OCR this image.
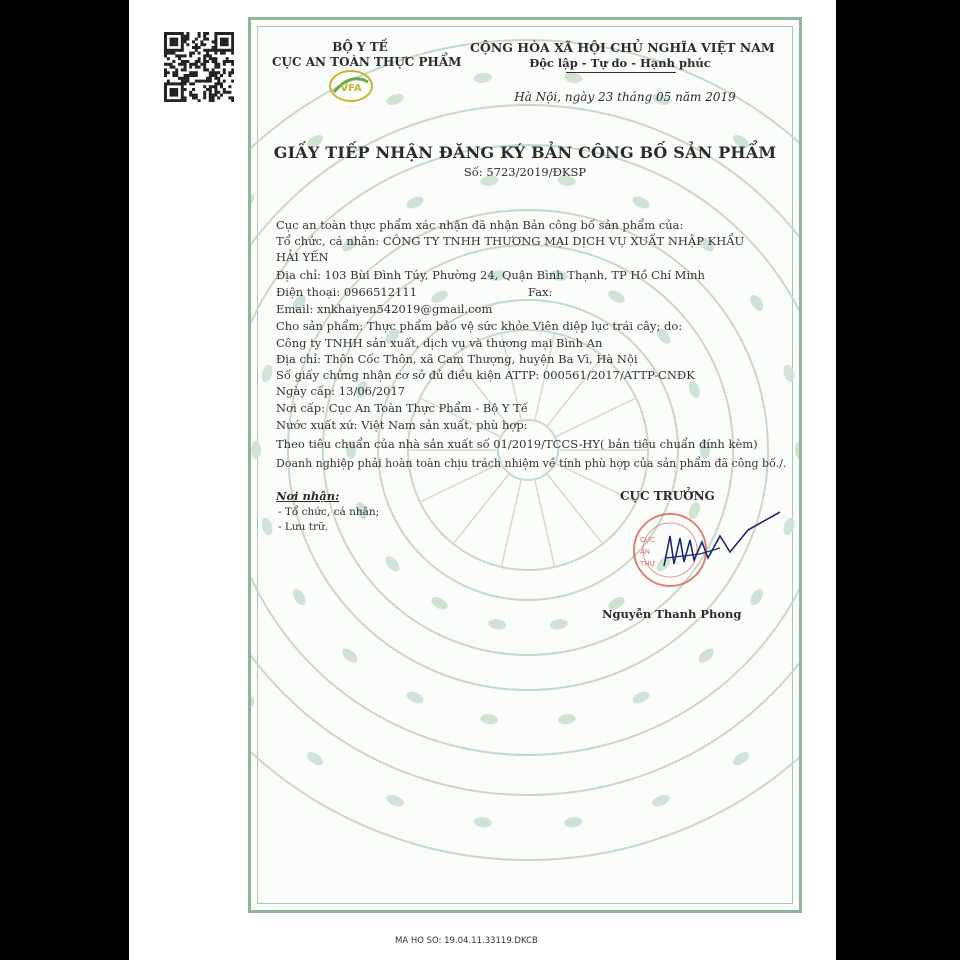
BỘ Y TẾ

CỤC AN TOÀN THỰC PHẨM

VFA

CỘNG HÒA XÃ HỘI CHỦ NGHĨA VIỆT NAM

Độc lập - Tự do - Hạnh phúc

Hà Nội, ngày 23 tháng 05 năm 2019

GIẤY TIẾP NHẬN ĐĂNG KÝ BẢN CÔNG BỐ SẢN PHẨM

Số: 5723/2019/ĐKSP

Cục an toàn thực phẩm xác nhận đã nhận Bản công bố sản phẩm của:

Tổ chức, cá nhân: CÔNG TY TNHH THƯƠNG MẠI DỊCH VỤ XUẤT NHẬP KHẨU

HẢI YẾN

Địa chỉ: 103 Bùi Đình Túy, Phường 24, Quận Bình Thạnh, TP Hồ Chí Minh

Điện thoại: 0966512111	Fax:

Email: xnkhaiyen542019@gmail.com

Cho sản phẩm: Thực phẩm bảo vệ sức khỏe Viên diệp lục trái cây; do:

Công ty TNHH sản xuất, dịch vụ và thương mại Bình An

Địa chỉ: Thôn Cốc Thôn, xã Cam Thượng, huyện Ba Vì, Hà Nội

Số giấy chứng nhận cơ sở đủ điều kiện ATTP: 000561/2017/ATTP-CNĐK

Ngày cấp: 13/06/2017

Nơi cấp: Cục An Toàn Thực Phẩm - Bộ Y Tế

Nước xuất xứ: Việt Nam sản xuất, phù hợp:

Theo tiêu chuẩn của nhà sản xuất số 01/2019/TCCS-HY( bản tiêu chuẩn đính kèm)

Doanh nghiệp phải hoàn toàn chịu trách nhiệm về tính phù hợp của sản phẩm đã công bố./.

Nơi nhận:

- Tổ chức, cá nhân;

- Lưu trữ.

CỤC TRƯỞNG

CỤC
AN
THỰ

Nguyễn Thanh Phong

MA HO SO: 19.04.11.33119.DKCB
